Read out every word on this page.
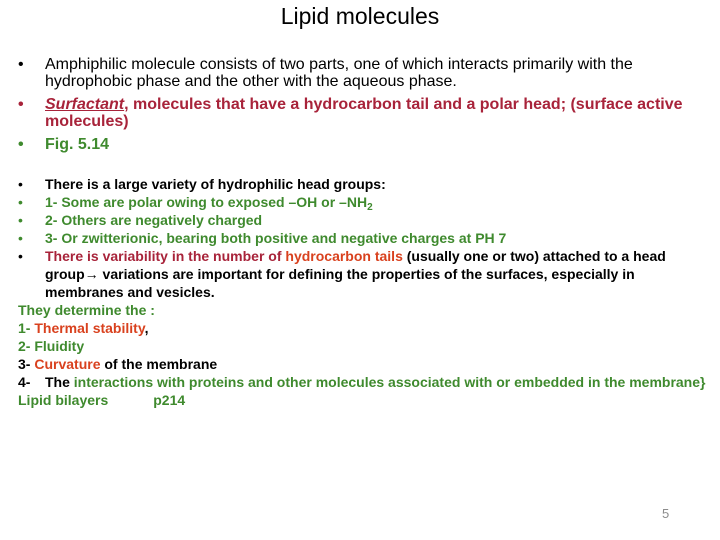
Lipid molecules
• Amphiphilic molecule consists of two parts, one of which interacts primarily with the hydrophobic phase and the other with the aqueous phase.
• Surfactant, molecules that have a hydrocarbon tail and a polar head; (surface active molecules)
• Fig. 5.14
• There is a large variety of hydrophilic head groups:
• 1- Some are polar owing to exposed –OH or $-NH_2$
• 2- Others are negatively charged
• 3- Or zwitterionic, bearing both positive and negative charges at PH 7
• There is variability in the number of hydrocarbon tails (usually one or two) attached to a head group→ variations are important for defining the properties of the surfaces, especially in membranes and vesicles.
They determine the :
1- Thermal stability,
2- Fluidity
3- Curvature of the membrane
4- The interactions with proteins and other molecules associated with or embedded in the membrane}
Lipid bilayers	p214
5
